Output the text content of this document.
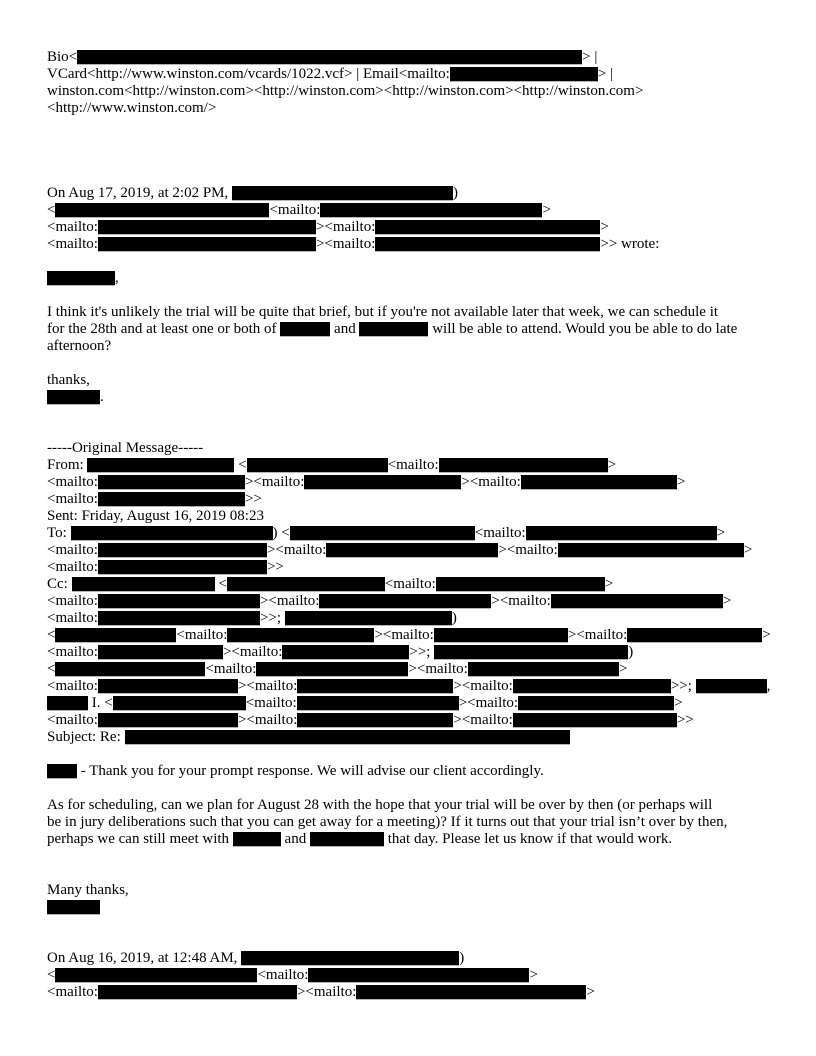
Bio<	> |
VCard<http://www.winston.com/vcards/1022.vcf> | Email<mailto:	> |
winston.com<http://winston.com><http://winston.com><http://winston.com><http://winston.com>
<http://www.winston.com/>
On Aug 17, 2019, at 2:02 PM,	)
<	<mailto:	>
<mailto:	><mailto:	>
<mailto:	><mailto:	>> wrote:
,
I think it's unlikely the trial will be quite that brief, but if you're not available later that week, we can schedule it
for the 28th and at least one or both of	and	will be able to attend. Would you be able to do late
afternoon?
thanks,
.
-----Original Message-----
From:	<	<mailto:	>
<mailto:	><mailto:	><mailto:	>
<mailto:	>>
Sent: Friday, August 16, 2019 08:23
To:	) <	<mailto:	>
<mailto:	><mailto:	><mailto:	>
<mailto:	>>
Cc:	<	<mailto:	>
<mailto:	><mailto:	><mailto:	>
<mailto:	>>;	)
<	<mailto:	><mailto:	><mailto:	>
<mailto:	><mailto:	>>;	)
<	<mailto:	><mailto:	>
<mailto:	><mailto:	><mailto:	>>;	,
I. <	<mailto:	><mailto:	>
<mailto:	><mailto:	><mailto:	>>
Subject: Re:
- Thank you for your prompt response. We will advise our client accordingly.
As for scheduling, can we plan for August 28 with the hope that your trial will be over by then (or perhaps will
be in jury deliberations such that you can get away for a meeting)? If it turns out that your trial isn’t over by then,
perhaps we can still meet with	and	that day. Please let us know if that would work.
Many thanks,
On Aug 16, 2019, at 12:48 AM,	)
<	<mailto:	>
<mailto:	><mailto:	>
